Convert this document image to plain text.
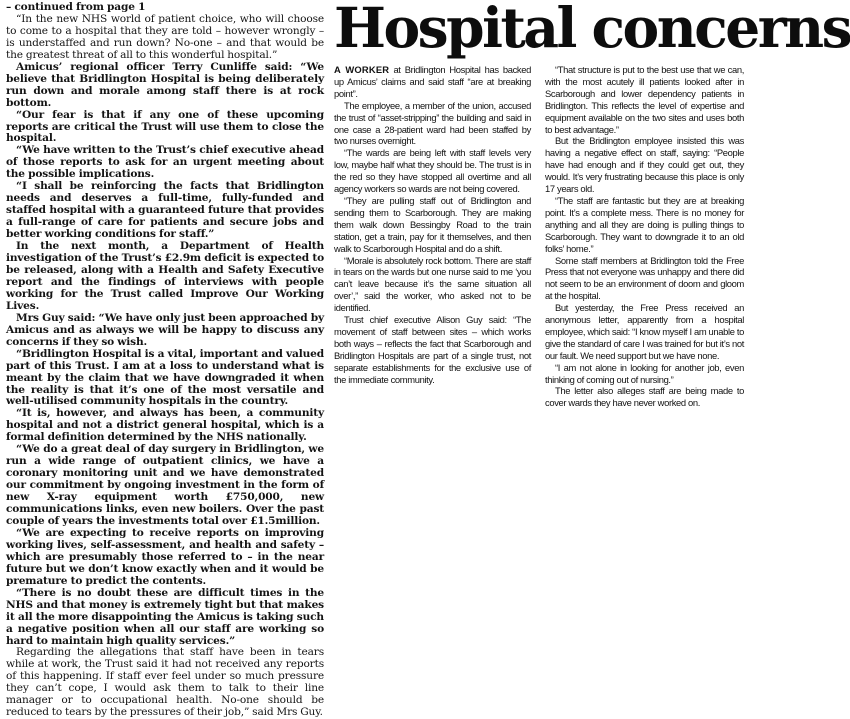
– continued from page 1

“In the new NHS world of patient choice, who will choose to come to a hospital that they are told – however wrongly – is understaffed and run down? No-one – and that would be the greatest threat of all to this wonderful hospital.”

Amicus’ regional officer Terry Cunliffe said: “We believe that Bridlington Hospital is being deliberately run down and morale among staff there is at rock bottom.

“Our fear is that if any one of these upcoming reports are critical the Trust will use them to close the hospital.

“We have written to the Trust’s chief executive ahead of those reports to ask for an urgent meeting about the possible implications.

“I shall be reinforcing the facts that Bridlington needs and deserves a full-time, fully-funded and staffed hospital with a guaranteed future that provides a full-range of care for patients and secure jobs and better working conditions for staff.”

In the next month, a Department of Health investigation of the Trust’s £2.9m deficit is expected to be released, along with a Health and Safety Executive report and the findings of interviews with people working for the Trust called Improve Our Working Lives.

Mrs Guy said: “We have only just been approached by Amicus and as always we will be happy to discuss any concerns if they so wish.

“Bridlington Hospital is a vital, important and valued part of this Trust. I am at a loss to understand what is meant by the claim that we have downgraded it when the reality is that it’s one of the most versatile and well-utilised community hospitals in the country.

“It is, however, and always has been, a community hospital and not a district general hospital, which is a formal definition determined by the NHS nationally.

“We do a great deal of day surgery in Bridlington, we run a wide range of outpatient clinics, we have a coronary monitoring unit and we have demonstrated our commitment by ongoing investment in the form of new X-ray equipment worth £750,000, new communications links, even new boilers. Over the past couple of years the investments total over £1.5million.

“We are expecting to receive reports on improving working lives, self-assessment, and health and safety – which are presumably those referred to – in the near future but we don’t know exactly when and it would be premature to predict the contents.

“There is no doubt these are difficult times in the NHS and that money is extremely tight but that makes it all the more disappointing the Amicus is taking such a negative position when all our staff are working so hard to maintain high quality services.”

Regarding the allegations that staff have been in tears while at work, the Trust said it had not received any reports of this happening. If staff ever feel under so much pressure they can’t cope, I would ask them to talk to their line manager or to occupational health. No-one should be reduced to tears by the pressures of their job,” said Mrs Guy.

Hospital concerns

A WORKER at Bridlington Hospital has backed up Amicus’ claims and said staff “are at breaking point”.

The employee, a member of the union, accused the trust of “asset-stripping” the building and said in one case a 28-patient ward had been staffed by two nurses overnight.

“The wards are being left with staff levels very low, maybe half what they should be. The trust is in the red so they have stopped all overtime and all agency workers so wards are not being covered.

“They are pulling staff out of Bridlington and sending them to Scarborough. They are making them walk down Bessingby Road to the train station, get a train, pay for it themselves, and then walk to Scarborough Hospital and do a shift.

“Morale is absolutely rock bottom. There are staff in tears on the wards but one nurse said to me ‘you can’t leave because it’s the same situation all over’,” said the worker, who asked not to be identified.

Trust chief executive Alison Guy said: “The movement of staff between sites – which works both ways – reflects the fact that Scarborough and Bridlington Hospitals are part of a single trust, not separate establishments for the exclusive use of the immediate community.

“That structure is put to the best use that we can, with the most acutely ill patients looked after in Scarborough and lower dependency patients in Bridlington. This reflects the level of expertise and equipment available on the two sites and uses both to best advantage.”

But the Bridlington employee insisted this was having a negative effect on staff, saying: “People have had enough and if they could get out, they would. It’s very frustrating because this place is only 17 years old.

“The staff are fantastic but they are at breaking point. It’s a complete mess. There is no money for anything and all they are doing is pulling things to Scarborough. They want to downgrade it to an old folks’ home.”

Some staff members at Bridlington told the Free Press that not everyone was unhappy and there did not seem to be an environment of doom and gloom at the hospital.

But yesterday, the Free Press received an anonymous letter, apparently from a hospital employee, which said: “I know myself I am unable to give the standard of care I was trained for but it’s not our fault. We need support but we have none.

“I am not alone in looking for another job, even thinking of coming out of nursing.”

The letter also alleges staff are being made to cover wards they have never worked on.
